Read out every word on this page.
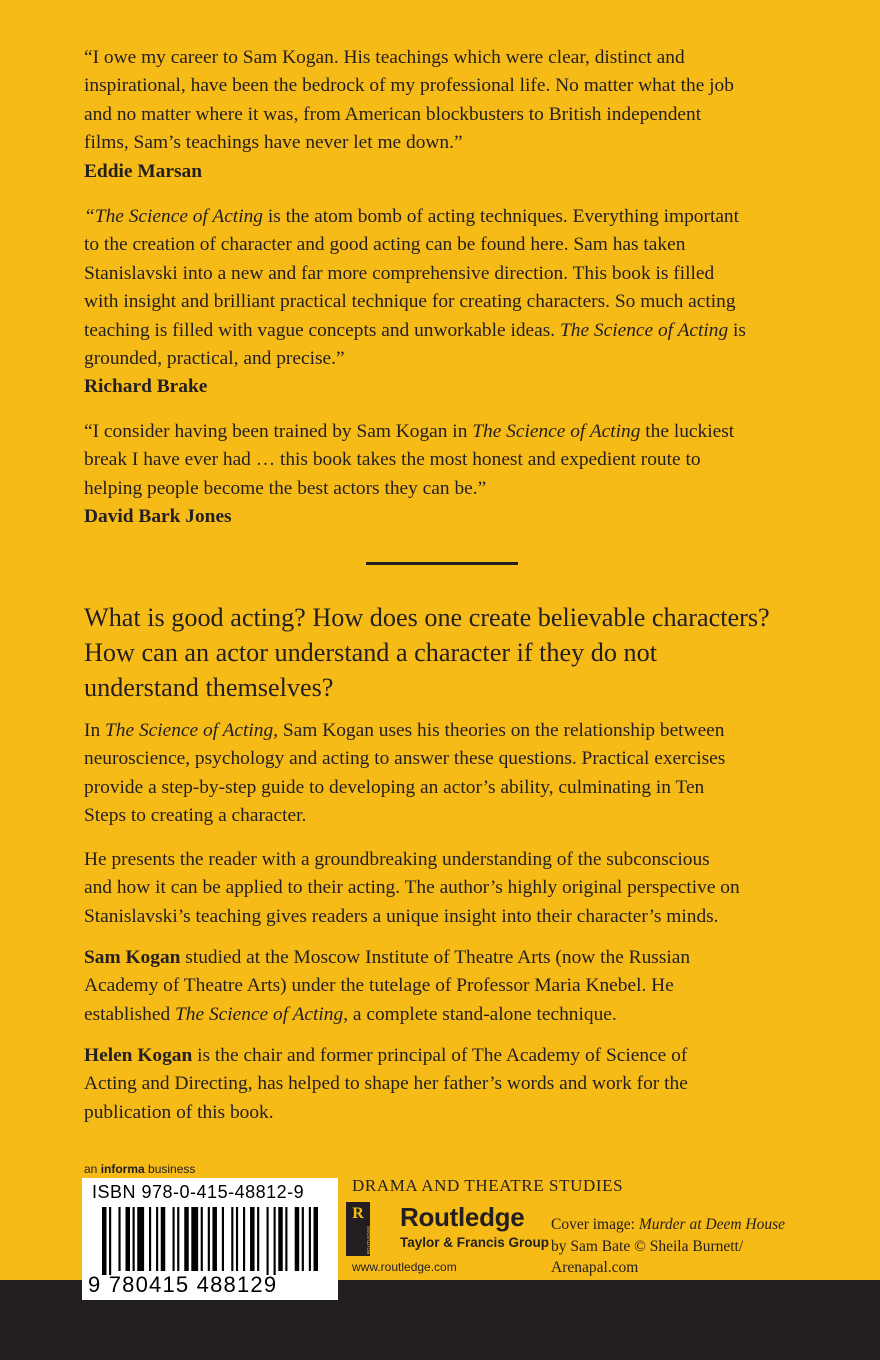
“I owe my career to Sam Kogan. His teachings which were clear, distinct and
inspirational, have been the bedrock of my professional life. No matter what the job
and no matter where it was, from American blockbusters to British independent
films, Sam’s teachings have never let me down.”
Eddie Marsan

“The Science of Acting is the atom bomb of acting techniques. Everything important
to the creation of character and good acting can be found here. Sam has taken
Stanislavski into a new and far more comprehensive direction. This book is filled
with insight and brilliant practical technique for creating characters. So much acting
teaching is filled with vague concepts and unworkable ideas. The Science of Acting is
grounded, practical, and precise.”
Richard Brake

“I consider having been trained by Sam Kogan in The Science of Acting the luckiest
break I have ever had … this book takes the most honest and expedient route to
helping people become the best actors they can be.”
David Bark Jones

What is good acting? How does one create believable characters?
How can an actor understand a character if they do not
understand themselves?

In The Science of Acting, Sam Kogan uses his theories on the relationship between
neuroscience, psychology and acting to answer these questions. Practical exercises
provide a step-by-step guide to developing an actor’s ability, culminating in Ten
Steps to creating a character.

He presents the reader with a groundbreaking understanding of the subconscious
and how it can be applied to their acting. The author’s highly original perspective on
Stanislavski’s teaching gives readers a unique insight into their character’s minds.

Sam Kogan studied at the Moscow Institute of Theatre Arts (now the Russian
Academy of Theatre Arts) under the tutelage of Professor Maria Knebel. He
established The Science of Acting, a complete stand-alone technique.

Helen Kogan is the chair and former principal of The Academy of Science of
Acting and Directing, has helped to shape her father’s words and work for the
publication of this book.

an informa business
ISBN 978-0-415-48812-9
9 780415 488129
DRAMA AND THEATRE STUDIES
R
ROUTLEDGE
Routledge
Taylor & Francis Group
www.routledge.com

Cover image: Murder at Deem House
by Sam Bate © Sheila Burnett/
Arenapal.com
